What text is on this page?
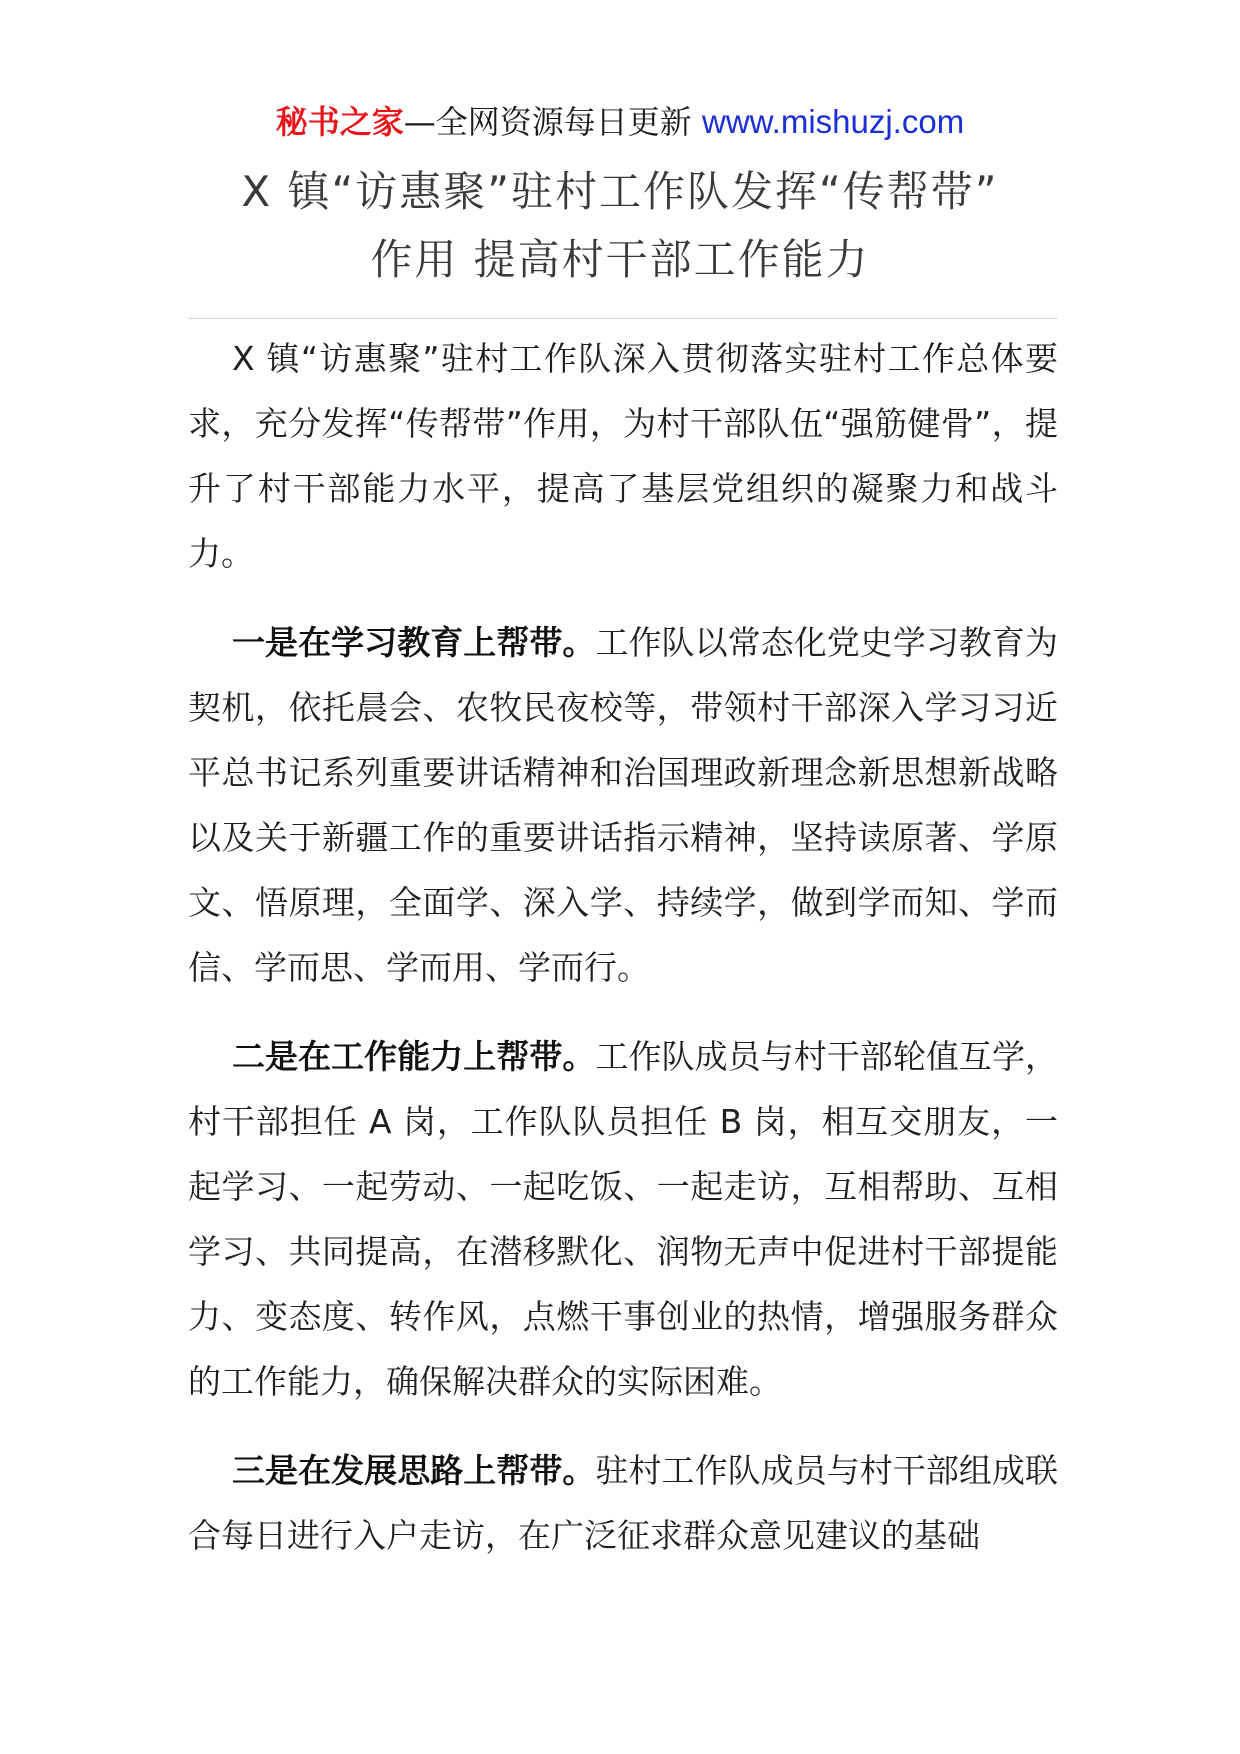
秘书之家—全网资源每日更新 www.mishuzj.com
X 镇“访惠聚”驻村工作队发挥“传帮带”
作用 提高村干部工作能力

X 镇“访惠聚”驻村工作队深入贯彻落实驻村工作总体要求，充分发挥“传帮带”作用，为村干部队伍“强筋健骨”，提升了村干部能力水平，提高了基层党组织的凝聚力和战斗力。

一是在学习教育上帮带。工作队以常态化党史学习教育为契机，依托晨会、农牧民夜校等，带领村干部深入学习习近平总书记系列重要讲话精神和治国理政新理念新思想新战略以及关于新疆工作的重要讲话指示精神，坚持读原著、学原文、悟原理，全面学、深入学、持续学，做到学而知、学而信、学而思、学而用、学而行。

二是在工作能力上帮带。工作队成员与村干部轮值互学，村干部担任 A 岗，工作队队员担任 B 岗，相互交朋友，一起学习、一起劳动、一起吃饭、一起走访，互相帮助、互相学习、共同提高，在潜移默化、润物无声中促进村干部提能力、变态度、转作风，点燃干事创业的热情，增强服务群众的工作能力，确保解决群众的实际困难。

三是在发展思路上帮带。驻村工作队成员与村干部组成联合每日进行入户走访，在广泛征求群众意见建议的基础
